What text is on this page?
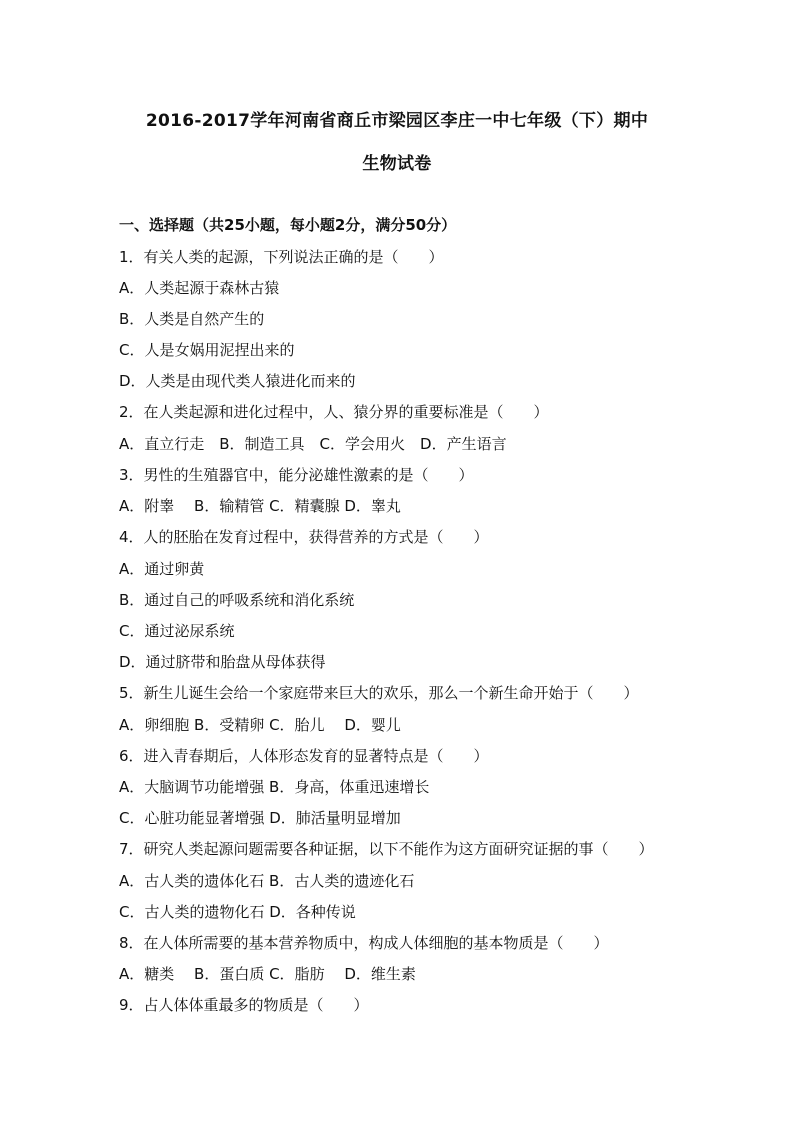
2016-2017学年河南省商丘市梁园区李庄一中七年级（下）期中
生物试卷
一、选择题（共25小题，每小题2分，满分50分）
1．有关人类的起源，下列说法正确的是（　　）
A．人类起源于森林古猿
B．人类是自然产生的
C．人是女娲用泥捏出来的
D．人类是由现代类人猿进化而来的
2．在人类起源和进化过程中，人、猿分界的重要标准是（　　）
A．直立行走　B．制造工具　C．学会用火　D．产生语言
3．男性的生殖器官中，能分泌雄性激素的是（　　）
A．附睾　 B．输精管 C．精囊腺 D．睾丸
4．人的胚胎在发育过程中，获得营养的方式是（　　）
A．通过卵黄
B．通过自己的呼吸系统和消化系统
C．通过泌尿系统
D．通过脐带和胎盘从母体获得
5．新生儿诞生会给一个家庭带来巨大的欢乐，那么一个新生命开始于（　　）
A．卵细胞 B．受精卵 C．胎儿　 D．婴儿
6．进入青春期后，人体形态发育的显著特点是（　　）
A．大脑调节功能增强 B．身高，体重迅速增长
C．心脏功能显著增强 D．肺活量明显增加
7．研究人类起源问题需要各种证据，以下不能作为这方面研究证据的事（　　）
A．古人类的遗体化石 B．古人类的遗迹化石
C．古人类的遗物化石 D．各种传说
8．在人体所需要的基本营养物质中，构成人体细胞的基本物质是（　　）
A．糖类　 B．蛋白质 C．脂肪　 D．维生素
9．占人体体重最多的物质是（　　）
